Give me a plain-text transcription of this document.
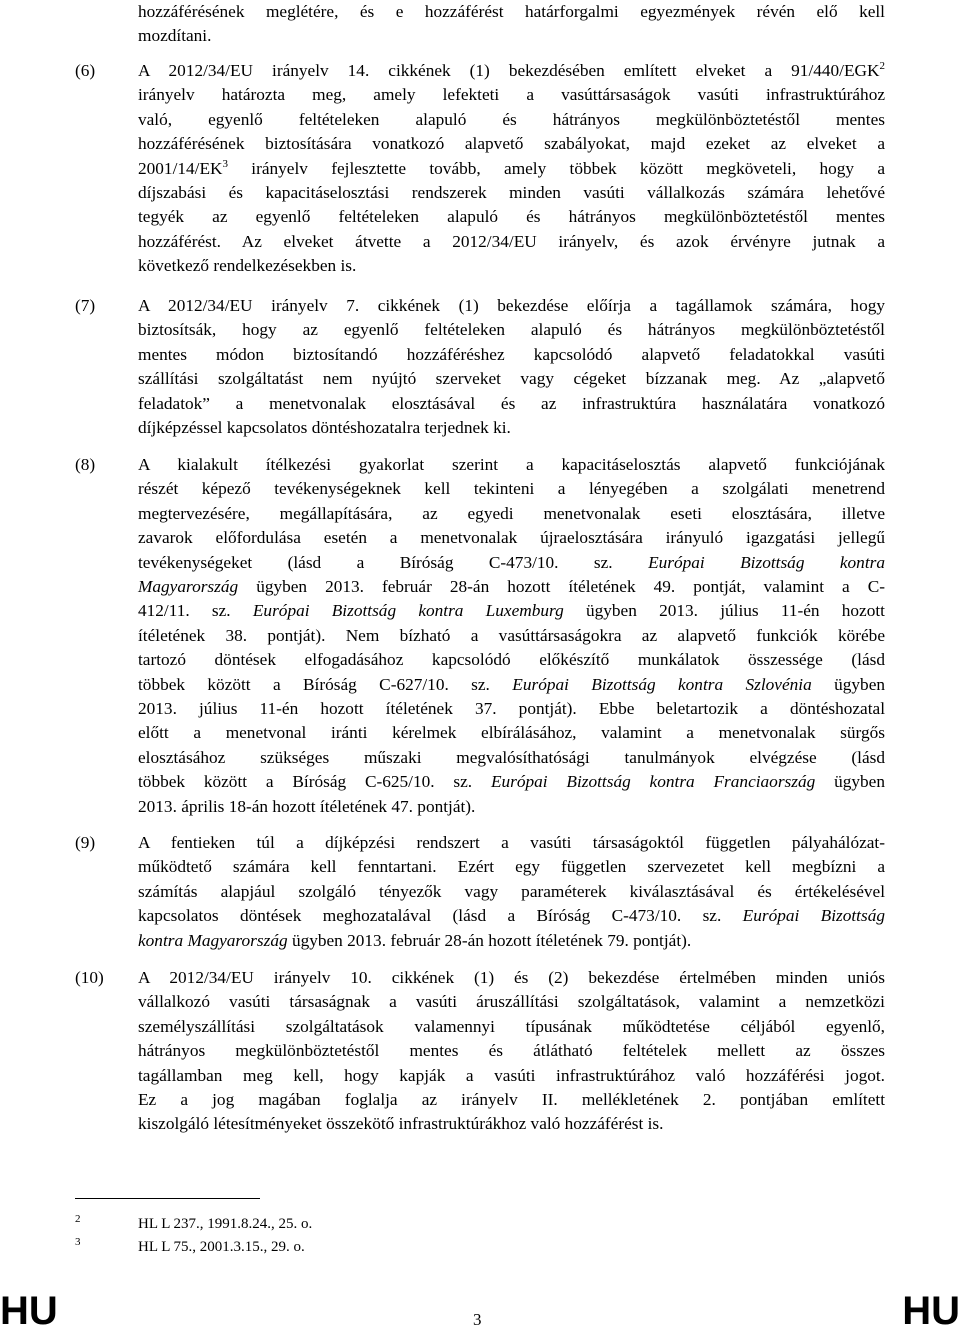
hozzáférésének meglétére, és e hozzáférést határforgalmi egyezmények révén elő kell
mozdítani.
(6) A 2012/34/EU irányelv 14. cikkének (1) bekezdésében említett elveket a 91/440/EGK$^2$
irányelv határozta meg, amely lefekteti a vasúttársaságok vasúti infrastruktúrához
való, egyenlő feltételeken alapuló és hátrányos megkülönböztetéstől mentes
hozzáférésének biztosítására vonatkozó alapvető szabályokat, majd ezeket az elveket a
$2001/14/EK^3$ irányelv fejlesztette tovább, amely többek között megköveteli, hogy a
díjszabási és kapacitáselosztási rendszerek minden vasúti vállalkozás számára lehetővé
tegyék az egyenlő feltételeken alapuló és hátrányos megkülönböztetéstől mentes
hozzáférést. Az elveket átvette a 2012/34/EU irányelv, és azok érvényre jutnak a
következő rendelkezésekben is.
(7) A 2012/34/EU irányelv 7. cikkének (1) bekezdése előírja a tagállamok számára, hogy
biztosítsák, hogy az egyenlő feltételeken alapuló és hátrányos megkülönböztetéstől
mentes módon biztosítandó hozzáféréshez kapcsolódó alapvető feladatokkal vasúti
szállítási szolgáltatást nem nyújtó szerveket vagy cégeket bízzanak meg. Az „alapvető
feladatok” a menetvonalak elosztásával és az infrastruktúra használatára vonatkozó
díjképzéssel kapcsolatos döntéshozatalra terjednek ki.
(8) A kialakult ítélkezési gyakorlat szerint a kapacitáselosztás alapvető funkciójának
részét képező tevékenységeknek kell tekinteni a lényegében a szolgálati menetrend
megtervezésére, megállapítására, az egyedi menetvonalak eseti elosztására, illetve
zavarok előfordulása esetén a menetvonalak újraelosztására irányuló igazgatási jellegű
tevékenységeket (lásd a Bíróság C-473/10. sz. Európai Bizottság kontra
Magyarország ügyben 2013. február 28-án hozott ítéletének 49. pontját, valamint a C-
412/11. sz. Európai Bizottság kontra Luxemburg ügyben 2013. július 11-én hozott
ítéletének 38. pontját). Nem bízható a vasúttársaságokra az alapvető funkciók körébe
tartozó döntések elfogadásához kapcsolódó előkészítő munkálatok összessége (lásd
többek között a Bíróság C-627/10. sz. Európai Bizottság kontra Szlovénia ügyben
2013. július 11-én hozott ítéletének 37. pontját). Ebbe beletartozik a döntéshozatal
előtt a menetvonal iránti kérelmek elbírálásához, valamint a menetvonalak sürgős
elosztásához szükséges műszaki megvalósíthatósági tanulmányok elvégzése (lásd
többek között a Bíróság C-625/10. sz. Európai Bizottság kontra Franciaország ügyben
2013. április 18-án hozott ítéletének 47. pontját).
(9) A fentieken túl a díjképzési rendszert a vasúti társaságoktól független pályahálózat-
működtető számára kell fenntartani. Ezért egy független szervezetet kell megbízni a
számítás alapjául szolgáló tényezők vagy paraméterek kiválasztásával és értékelésével
kapcsolatos döntések meghozatalával (lásd a Bíróság C-473/10. sz. Európai Bizottság
kontra Magyarország ügyben 2013. február 28-án hozott ítéletének 79. pontját).
(10) A 2012/34/EU irányelv 10. cikkének (1) és (2) bekezdése értelmében minden uniós
vállalkozó vasúti társaságnak a vasúti áruszállítási szolgáltatások, valamint a nemzetközi
személyszállítási szolgáltatások valamennyi típusának működtetése céljából egyenlő,
hátrányos megkülönböztetéstől mentes és átlátható feltételek mellett az összes
tagállamban meg kell, hogy kapják a vasúti infrastruktúrához való hozzáférési jogot.
Ez a jog magában foglalja az irányelv II. mellékletének 2. pontjában említett
kiszolgáló létesítményeket összekötő infrastruktúrákhoz való hozzáférést is.
2	HL L 237., 1991.8.24., 25. o.
3	HL L 75., 2001.3.15., 29. o.
HU	3	HU
